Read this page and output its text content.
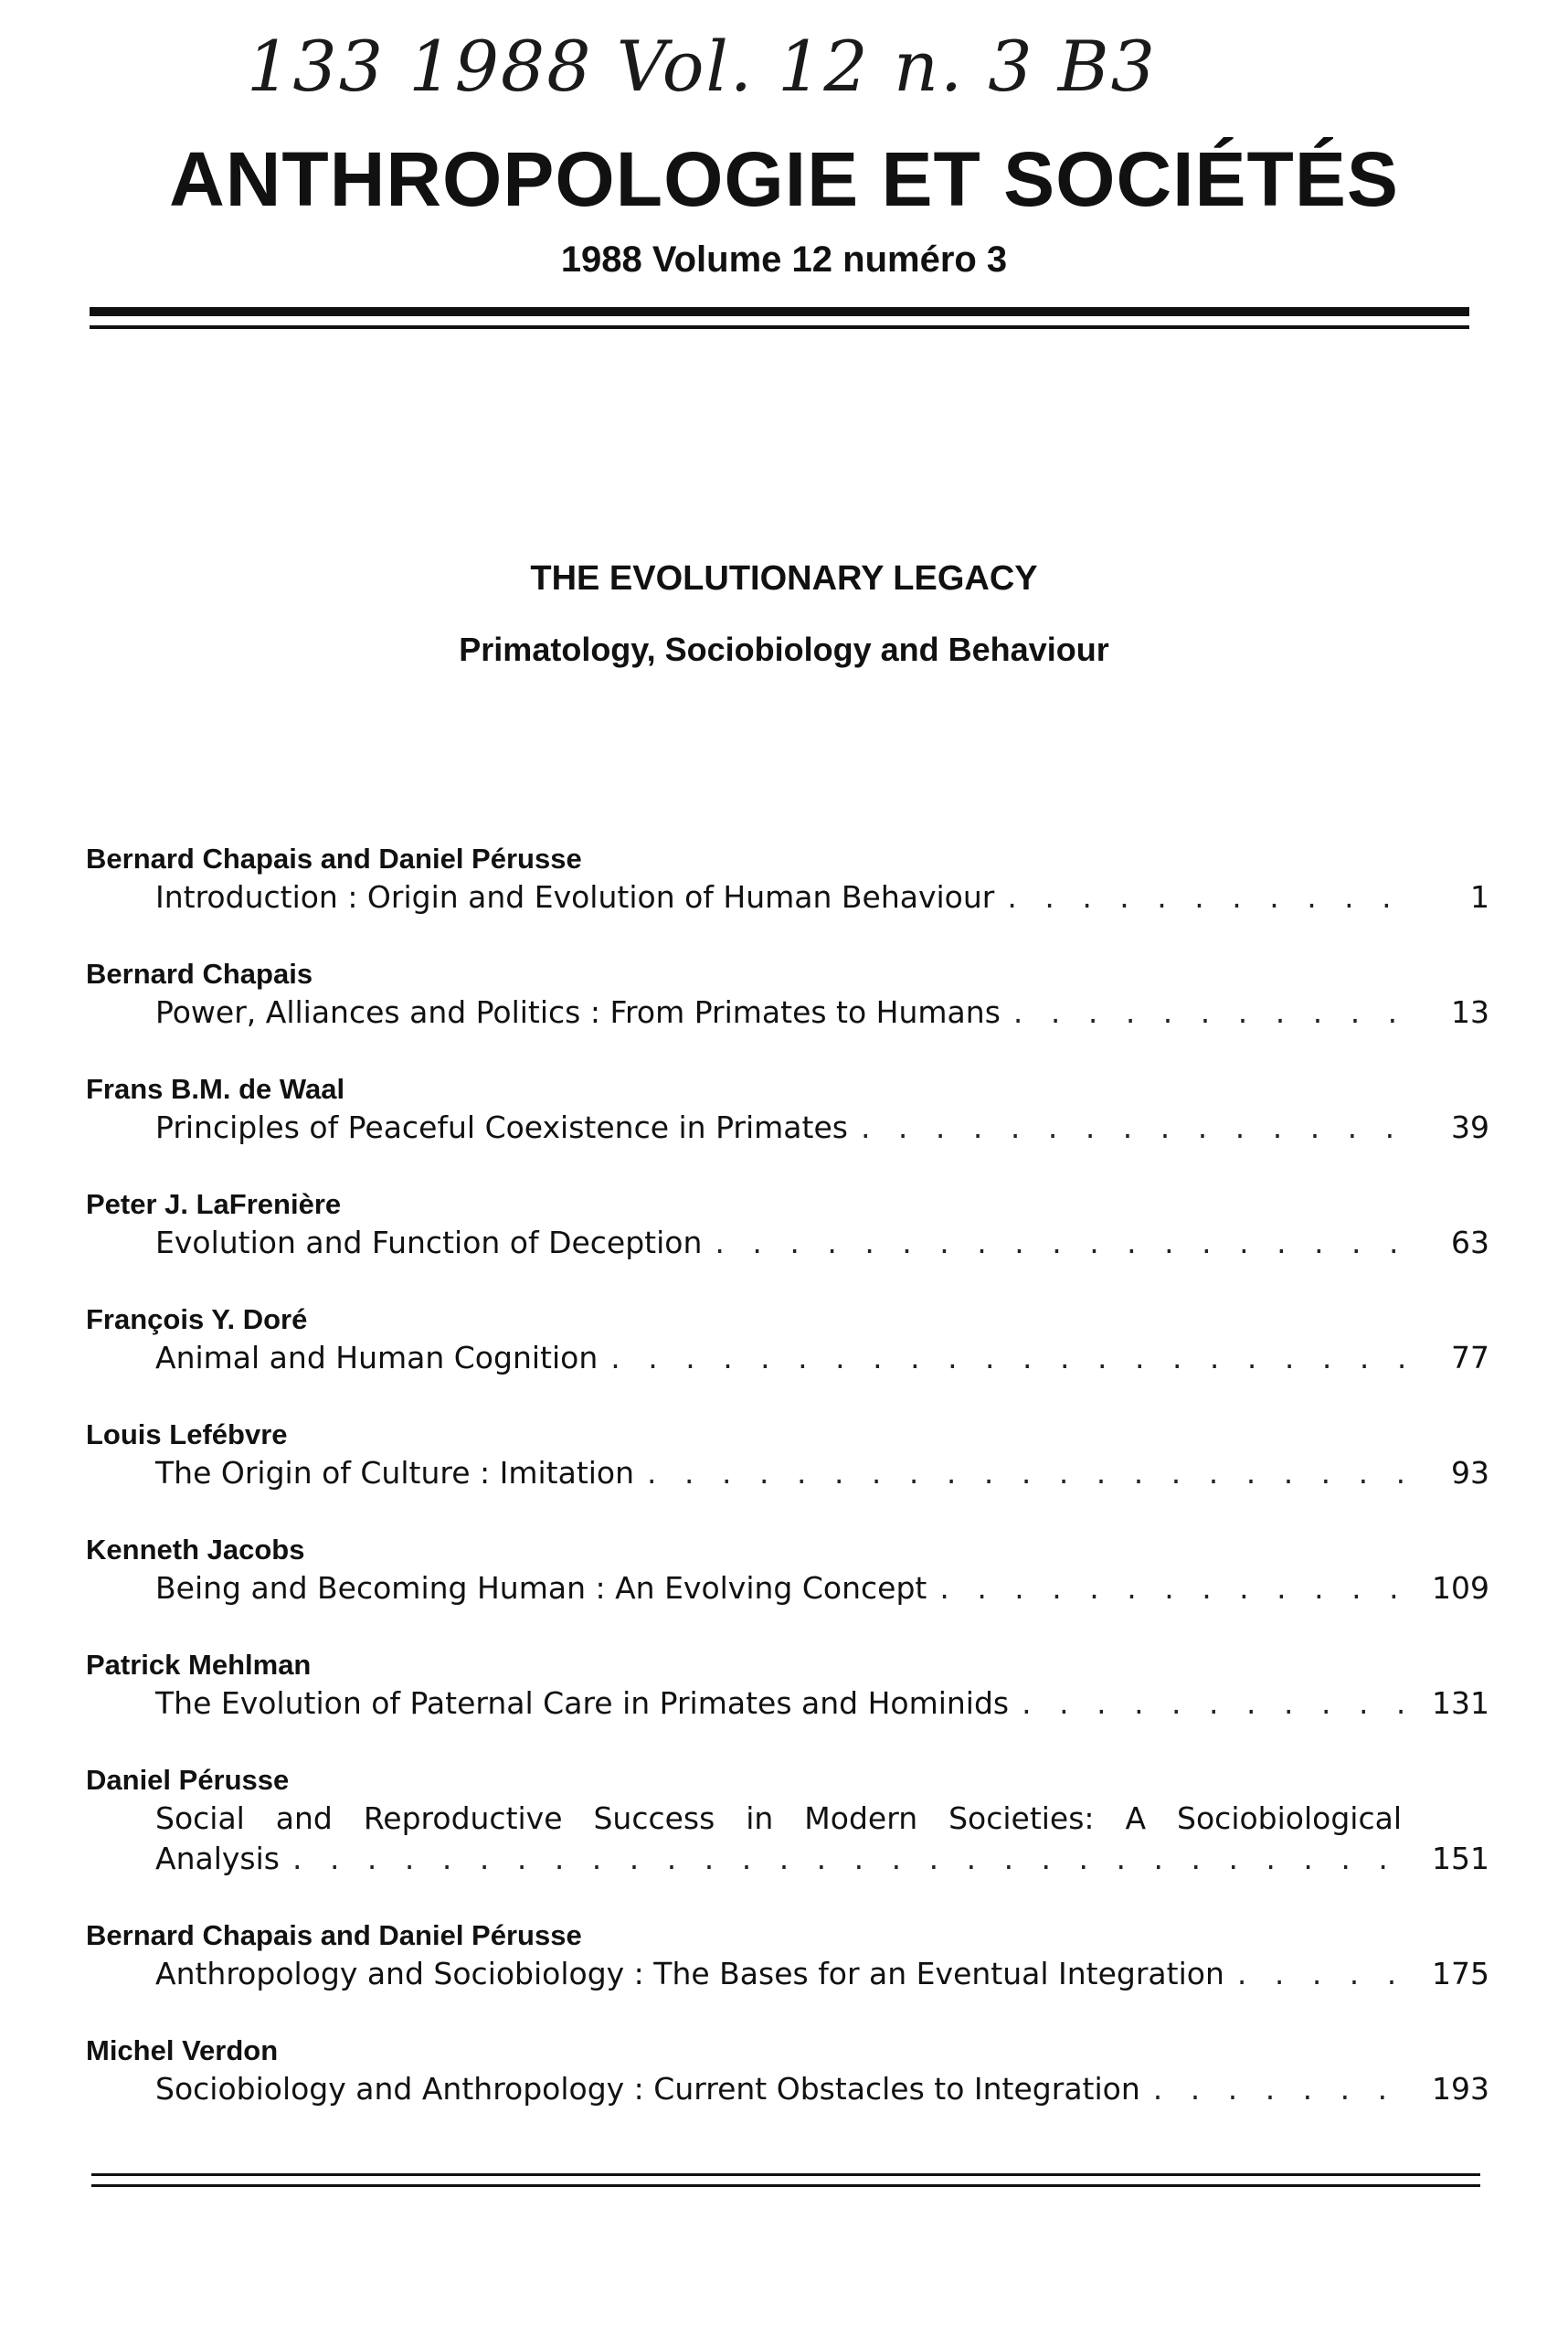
133 1988 Vol. 12 n. 3 B3
ANTHROPOLOGIE ET SOCIÉTÉS
1988 Volume 12 numéro 3
THE EVOLUTIONARY LEGACY
Primatology, Sociobiology and Behaviour
Bernard Chapais and Daniel Pérusse
Introduction : Origin and Evolution of Human Behaviour . . .	1
Bernard Chapais
Power, Alliances and Politics : From Primates to Humans . . .	13
Frans B.M. de Waal
Principles of Peaceful Coexistence in Primates . . .	39
Peter J. LaFrenière
Evolution and Function of Deception . . .	63
François Y. Doré
Animal and Human Cognition . . .	77
Louis Lefébvre
The Origin of Culture : Imitation . . .	93
Kenneth Jacobs
Being and Becoming Human : An Evolving Concept . . .	109
Patrick Mehlman
The Evolution of Paternal Care in Primates and Hominids . . .	131
Daniel Pérusse
Social and Reproductive Success in Modern Societies: A Sociobiological
Analysis . . .	151
Bernard Chapais and Daniel Pérusse
Anthropology and Sociobiology : The Bases for an Eventual Integration . . .	175
Michel Verdon
Sociobiology and Anthropology : Current Obstacles to Integration . . .	193
